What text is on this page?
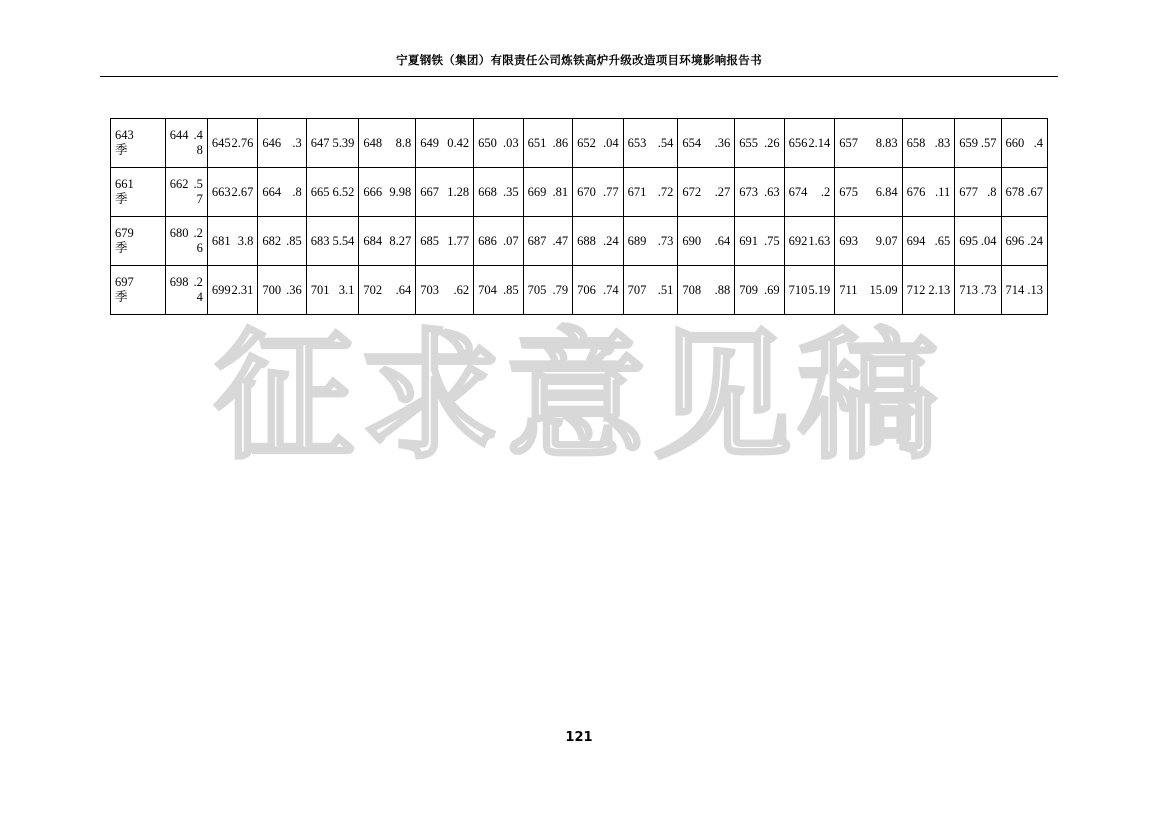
宁夏钢铁（集团）有限责任公司炼铁高炉升级改造项目环境影响报告书
643
季	644 .48	645 2.76	646 .3	647 5.39	648 8.8	649 0.42	650 .03	651 .86	652 .04	653 .54	654 .36	655 .26	656 2.14	657 8.83	658 .83	659 .57	660 .4

661
季	662 .57	663 2.67	664 .8	665 6.52	666 9.98	667 1.28	668 .35	669 .81	670 .77	671 .72	672 .27	673 .63	674 .2	675 6.84	676 .11	677 .8	678 .67

679
季	680 .26	681 3.8	682 .85	683 5.54	684 8.27	685 1.77	686 .07	687 .47	688 .24	689 .73	690 .64	691 .75	692 1.63	693 9.07	694 .65	695 .04	696 .24

697
季	698 .24	699 2.31	700 .36	701 3.1	702 .64	703 .62	704 .85	705 .79	706 .74	707 .51	708 .88	709 .69	710 5.19	711 15.09	712 2.13	713 .73	714 .13
征求意见稿
121
